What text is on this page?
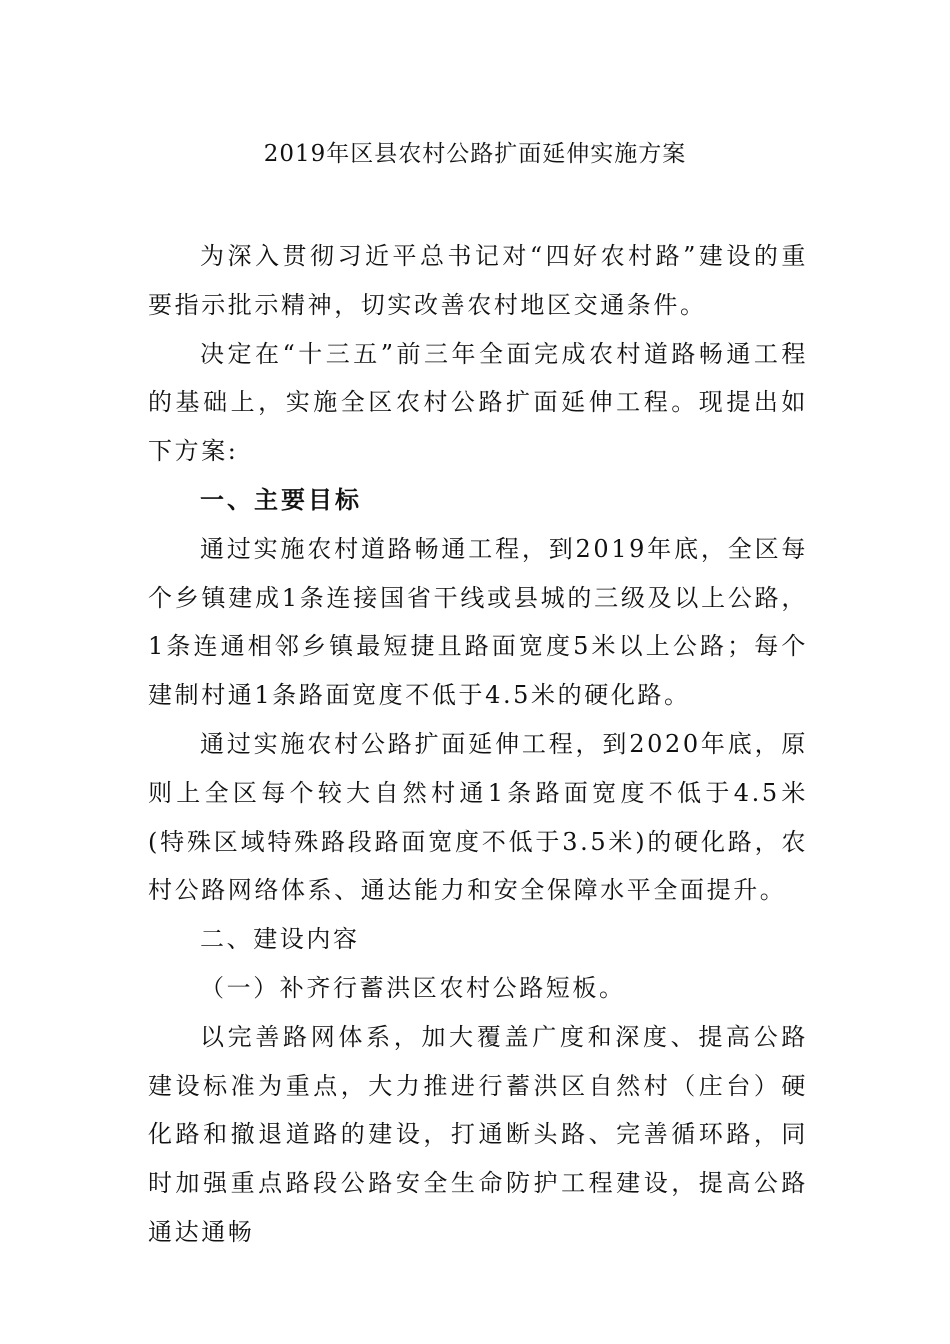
2019年区县农村公路扩面延伸实施方案

为深入贯彻习近平总书记对“四好农村路”建设的重要指示批示精神，切实改善农村地区交通条件。

决定在“十三五”前三年全面完成农村道路畅通工程的基础上，实施全区农村公路扩面延伸工程。现提出如下方案:

一、主要目标

通过实施农村道路畅通工程，到2019年底，全区每个乡镇建成1条连接国省干线或县城的三级及以上公路，1条连通相邻乡镇最短捷且路面宽度5米以上公路；每个建制村通1条路面宽度不低于4.5米的硬化路。

通过实施农村公路扩面延伸工程，到2020年底，原则上全区每个较大自然村通1条路面宽度不低于4.5米(特殊区域特殊路段路面宽度不低于3.5米)的硬化路，农村公路网络体系、通达能力和安全保障水平全面提升。

二、建设内容

（一）补齐行蓄洪区农村公路短板。

以完善路网体系，加大覆盖广度和深度、提高公路建设标准为重点，大力推进行蓄洪区自然村（庄台）硬化路和撤退道路的建设，打通断头路、完善循环路，同时加强重点路段公路安全生命防护工程建设，提高公路通达通畅
